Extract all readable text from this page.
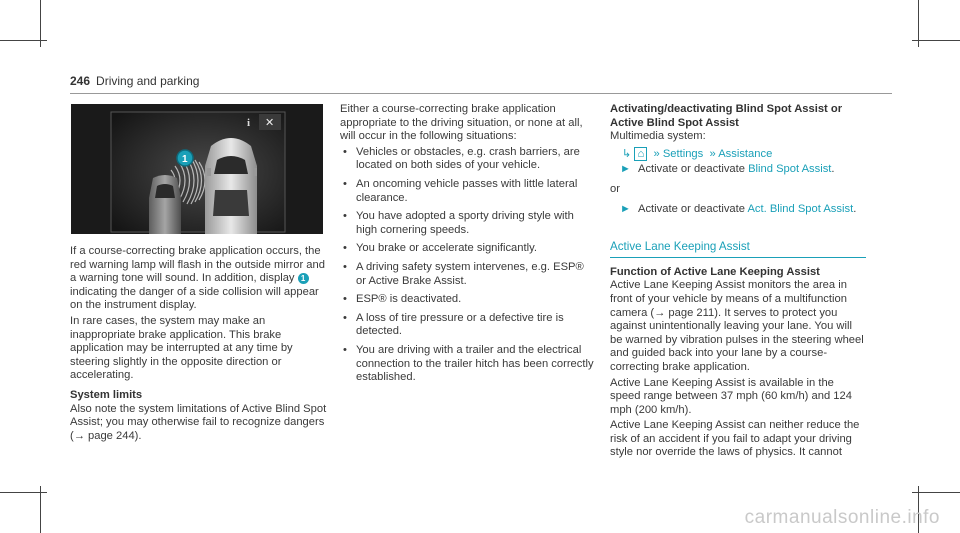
246 Driving and parking
i ✕
1

If a course-correcting brake application occurs, the red warning lamp will flash in the outside mirror and a warning tone will sound. In addition, display 1 indicating the danger of a side collision will appear on the instrument display.

In rare cases, the system may make an inappropriate brake application. This brake application may be interrupted at any time by steering slightly in the opposite direction or accelerating.

System limits

Also note the system limitations of Active Blind Spot Assist; you may otherwise fail to recognize dangers (→ page 244).

Either a course-correcting brake application appropriate to the driving situation, or none at all, will occur in the following situations:

• Vehicles or obstacles, e.g. crash barriers, are located on both sides of your vehicle.
• An oncoming vehicle passes with little lateral clearance.
• You have adopted a sporty driving style with high cornering speeds.
• You brake or accelerate significantly.
• A driving safety system intervenes, e.g. ESP® or Active Brake Assist.
• ESP® is deactivated.
• A loss of tire pressure or a defective tire is detected.
• You are driving with a trailer and the electrical connection to the trailer hitch has been correctly established.
Activating/deactivating Blind Spot Assist or
Active Blind Spot Assist

Multimedia system:

↳ ⌂  » Settings  » Assistance

► Activate or deactivate Blind Spot Assist.

or

► Activate or deactivate Act. Blind Spot Assist.

Active Lane Keeping Assist
Function of Active Lane Keeping Assist

Active Lane Keeping Assist monitors the area in front of your vehicle by means of a multifunction camera (→ page 211). It serves to protect you against unintentionally leaving your lane. You will be warned by vibration pulses in the steering wheel and guided back into your lane by a course-correcting brake application.

Active Lane Keeping Assist is available in the speed range between 37 mph (60 km/h) and 124 mph (200 km/h).

Active Lane Keeping Assist can neither reduce the risk of an accident if you fail to adapt your driving style nor override the laws of physics. It cannot

carmanualsonline.info
